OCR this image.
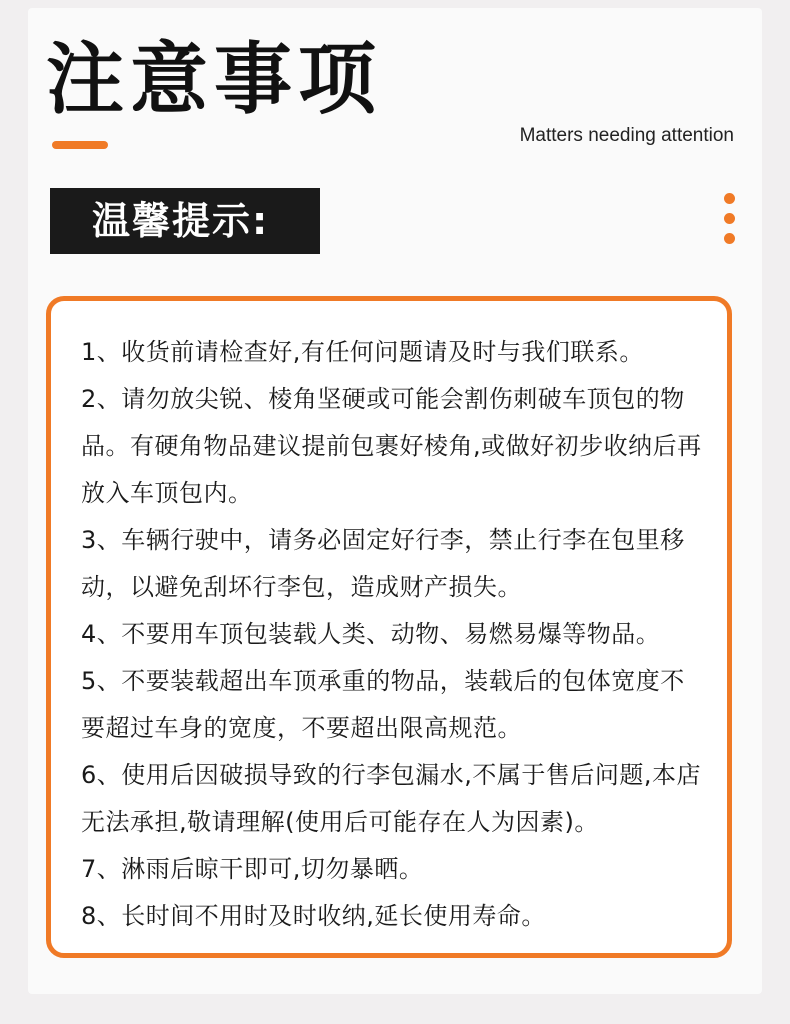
注意事项
Matters needing attention
温馨提示:
1、收货前请检查好,有任何问题请及时与我们联系。
2、请勿放尖锐、棱角坚硬或可能会割伤刺破车顶包的物品。有硬角物品建议提前包裹好棱角,或做好初步收纳后再放入车顶包内。
3、车辆行驶中，请务必固定好行李，禁止行李在包里移动，以避免刮坏行李包，造成财产损失。
4、不要用车顶包装载人类、动物、易燃易爆等物品。
5、不要装载超出车顶承重的物品，装载后的包体宽度不要超过车身的宽度，不要超出限高规范。
6、使用后因破损导致的行李包漏水,不属于售后问题,本店无法承担,敬请理解(使用后可能存在人为因素)。
7、淋雨后晾干即可,切勿暴晒。
8、长时间不用时及时收纳,延长使用寿命。
